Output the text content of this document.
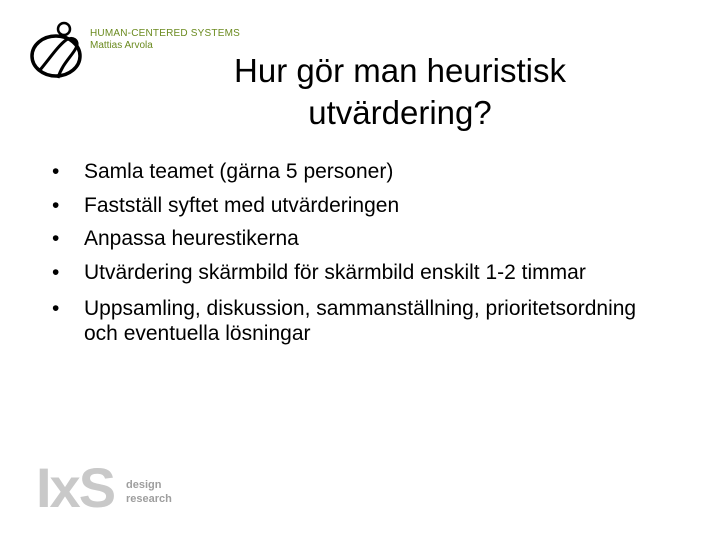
HUMAN-CENTERED SYSTEMS
Mattias Arvola
Hur gör man heuristisk
utvärdering?
•	Samla teamet (gärna 5 personer)
•	Fastställ syftet med utvärderingen
•	Anpassa heurestikerna
•	Utvärdering skärmbild för skärmbild enskilt 1-2 timmar
•	Uppsamling, diskussion, sammanställning, prioritetsordning och eventuella lösningar
IxS design
research
